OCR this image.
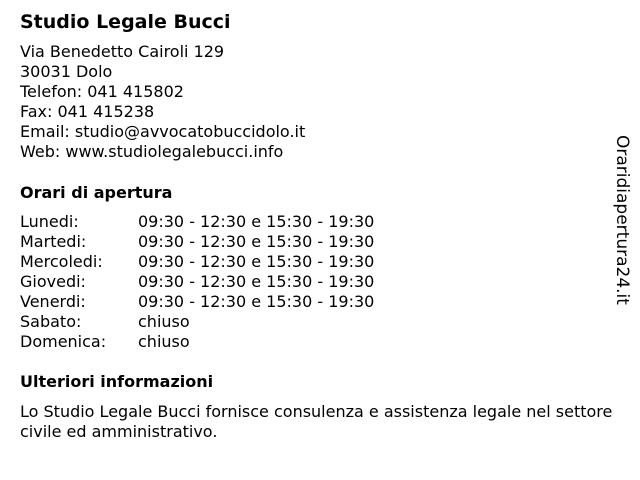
Studio Legale Bucci
Via Benedetto Cairoli 129
30031 Dolo
Telefon: 041 415802
Fax: 041 415238
Email: studio@avvocatobuccidolo.it
Web: www.studiolegalebucci.info
Orari di apertura
Lunedi:	09:30 - 12:30 e 15:30 - 19:30
Martedi:	09:30 - 12:30 e 15:30 - 19:30
Mercoledi:	09:30 - 12:30 e 15:30 - 19:30
Giovedi:	09:30 - 12:30 e 15:30 - 19:30
Venerdi:	09:30 - 12:30 e 15:30 - 19:30
Sabato:	chiuso
Domenica:	chiuso
Ulteriori informazioni

Lo Studio Legale Bucci fornisce consulenza e assistenza legale nel settore civile ed amministrativo.

Oraridiapertura24.it
